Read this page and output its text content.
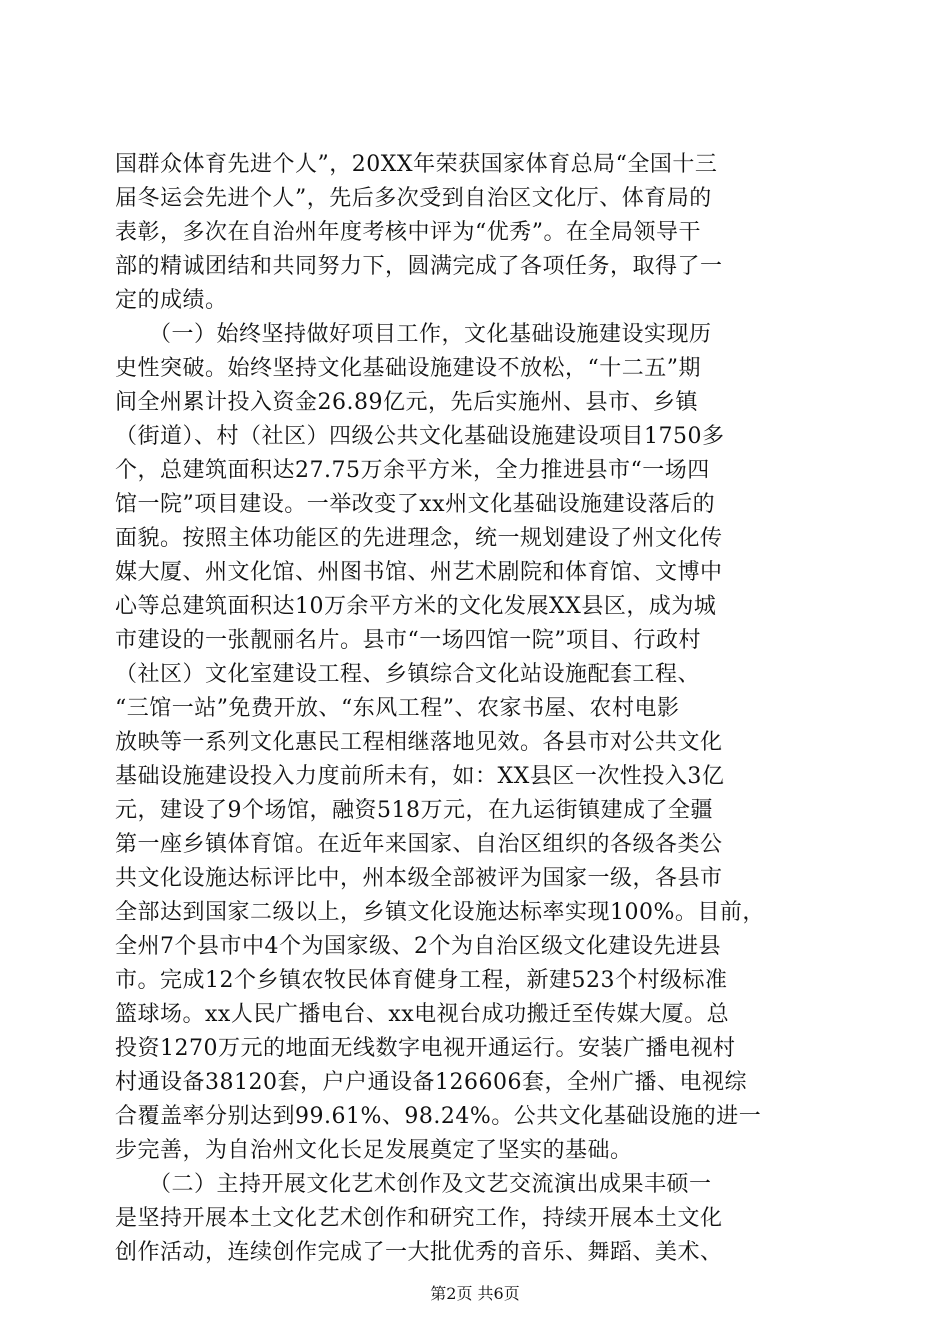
国群众体育先进个人”，20XX年荣获国家体育总局“全国十三
届冬运会先进个人”，先后多次受到自治区文化厅、体育局的
表彰，多次在自治州年度考核中评为“优秀”。在全局领导干
部的精诚团结和共同努力下，圆满完成了各项任务，取得了一
定的成绩。
　　（一）始终坚持做好项目工作，文化基础设施建设实现历
史性突破。始终坚持文化基础设施建设不放松，“十二五”期
间全州累计投入资金26.89亿元，先后实施州、县市、乡镇
（街道）、村（社区）四级公共文化基础设施建设项目1750多
个，总建筑面积达27.75万余平方米，全力推进县市“一场四
馆一院”项目建设。一举改变了xx州文化基础设施建设落后的
面貌。按照主体功能区的先进理念，统一规划建设了州文化传
媒大厦、州文化馆、州图书馆、州艺术剧院和体育馆、文博中
心等总建筑面积达10万余平方米的文化发展XX县区，成为城
市建设的一张靓丽名片。县市“一场四馆一院”项目、行政村
（社区）文化室建设工程、乡镇综合文化站设施配套工程、
“三馆一站”免费开放、“东风工程”、农家书屋、农村电影
放映等一系列文化惠民工程相继落地见效。各县市对公共文化
基础设施建设投入力度前所未有，如：XX县区一次性投入3亿
元，建设了9个场馆，融资518万元，在九运街镇建成了全疆
第一座乡镇体育馆。在近年来国家、自治区组织的各级各类公
共文化设施达标评比中，州本级全部被评为国家一级，各县市
全部达到国家二级以上，乡镇文化设施达标率实现100%。目前，
全州7个县市中4个为国家级、2个为自治区级文化建设先进县
市。完成12个乡镇农牧民体育健身工程，新建523个村级标准
篮球场。xx人民广播电台、xx电视台成功搬迁至传媒大厦。总
投资1270万元的地面无线数字电视开通运行。安装广播电视村
村通设备38120套，户户通设备126606套，全州广播、电视综
合覆盖率分别达到99.61%、98.24%。公共文化基础设施的进一
步完善，为自治州文化长足发展奠定了坚实的基础。
　　（二）主持开展文化艺术创作及文艺交流演出成果丰硕一
是坚持开展本土文化艺术创作和研究工作，持续开展本土文化
创作活动，连续创作完成了一大批优秀的音乐、舞蹈、美术、
第2页 共6页
